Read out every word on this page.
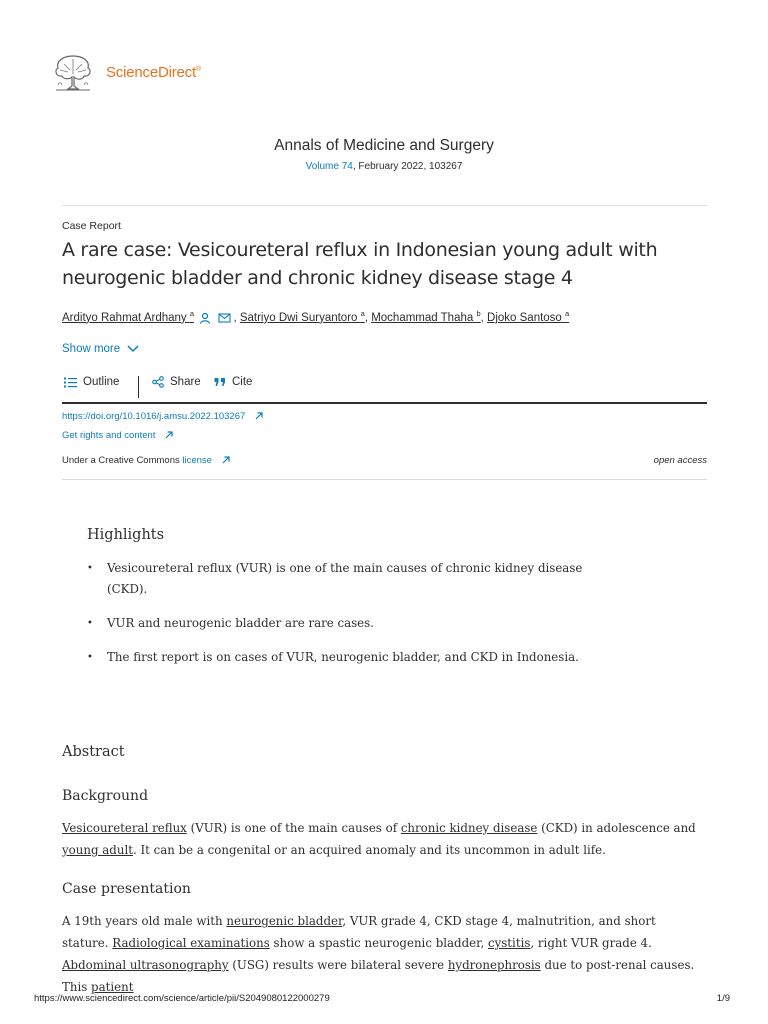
ScienceDirect®
Annals of Medicine and Surgery
Volume 74, February 2022, 103267
Case Report
A rare case: Vesicoureteral reflux in Indonesian young adult with neurogenic bladder and chronic kidney disease stage 4
Ardityo Rahmat Ardhany $^a$	, Satriyo Dwi Suryantoro $^a$, Mochammad Thaha $^b$, Djoko Santoso $^a$
Show more
Outline	Share	Cite
https://doi.org/10.1016/j.amsu.2022.103267
Get rights and content
Under a Creative Commons license	open access
Highlights
• Vesicoureteral reflux (VUR) is one of the main causes of chronic kidney disease (CKD).
• VUR and neurogenic bladder are rare cases.
• The first report is on cases of VUR, neurogenic bladder, and CKD in Indonesia.
Abstract
Background

Vesicoureteral reflux (VUR) is one of the main causes of chronic kidney disease (CKD) in adolescence and young adult. It can be a congenital or an acquired anomaly and its uncommon in adult life.

Case presentation

A 19th years old male with neurogenic bladder, VUR grade 4, CKD stage 4, malnutrition, and short stature. Radiological examinations show a spastic neurogenic bladder, cystitis, right VUR grade 4. Abdominal ultrasonography (USG) results were bilateral severe hydronephrosis due to post-renal causes. This patient

https://www.sciencedirect.com/science/article/pii/S2049080122000279	1/9
